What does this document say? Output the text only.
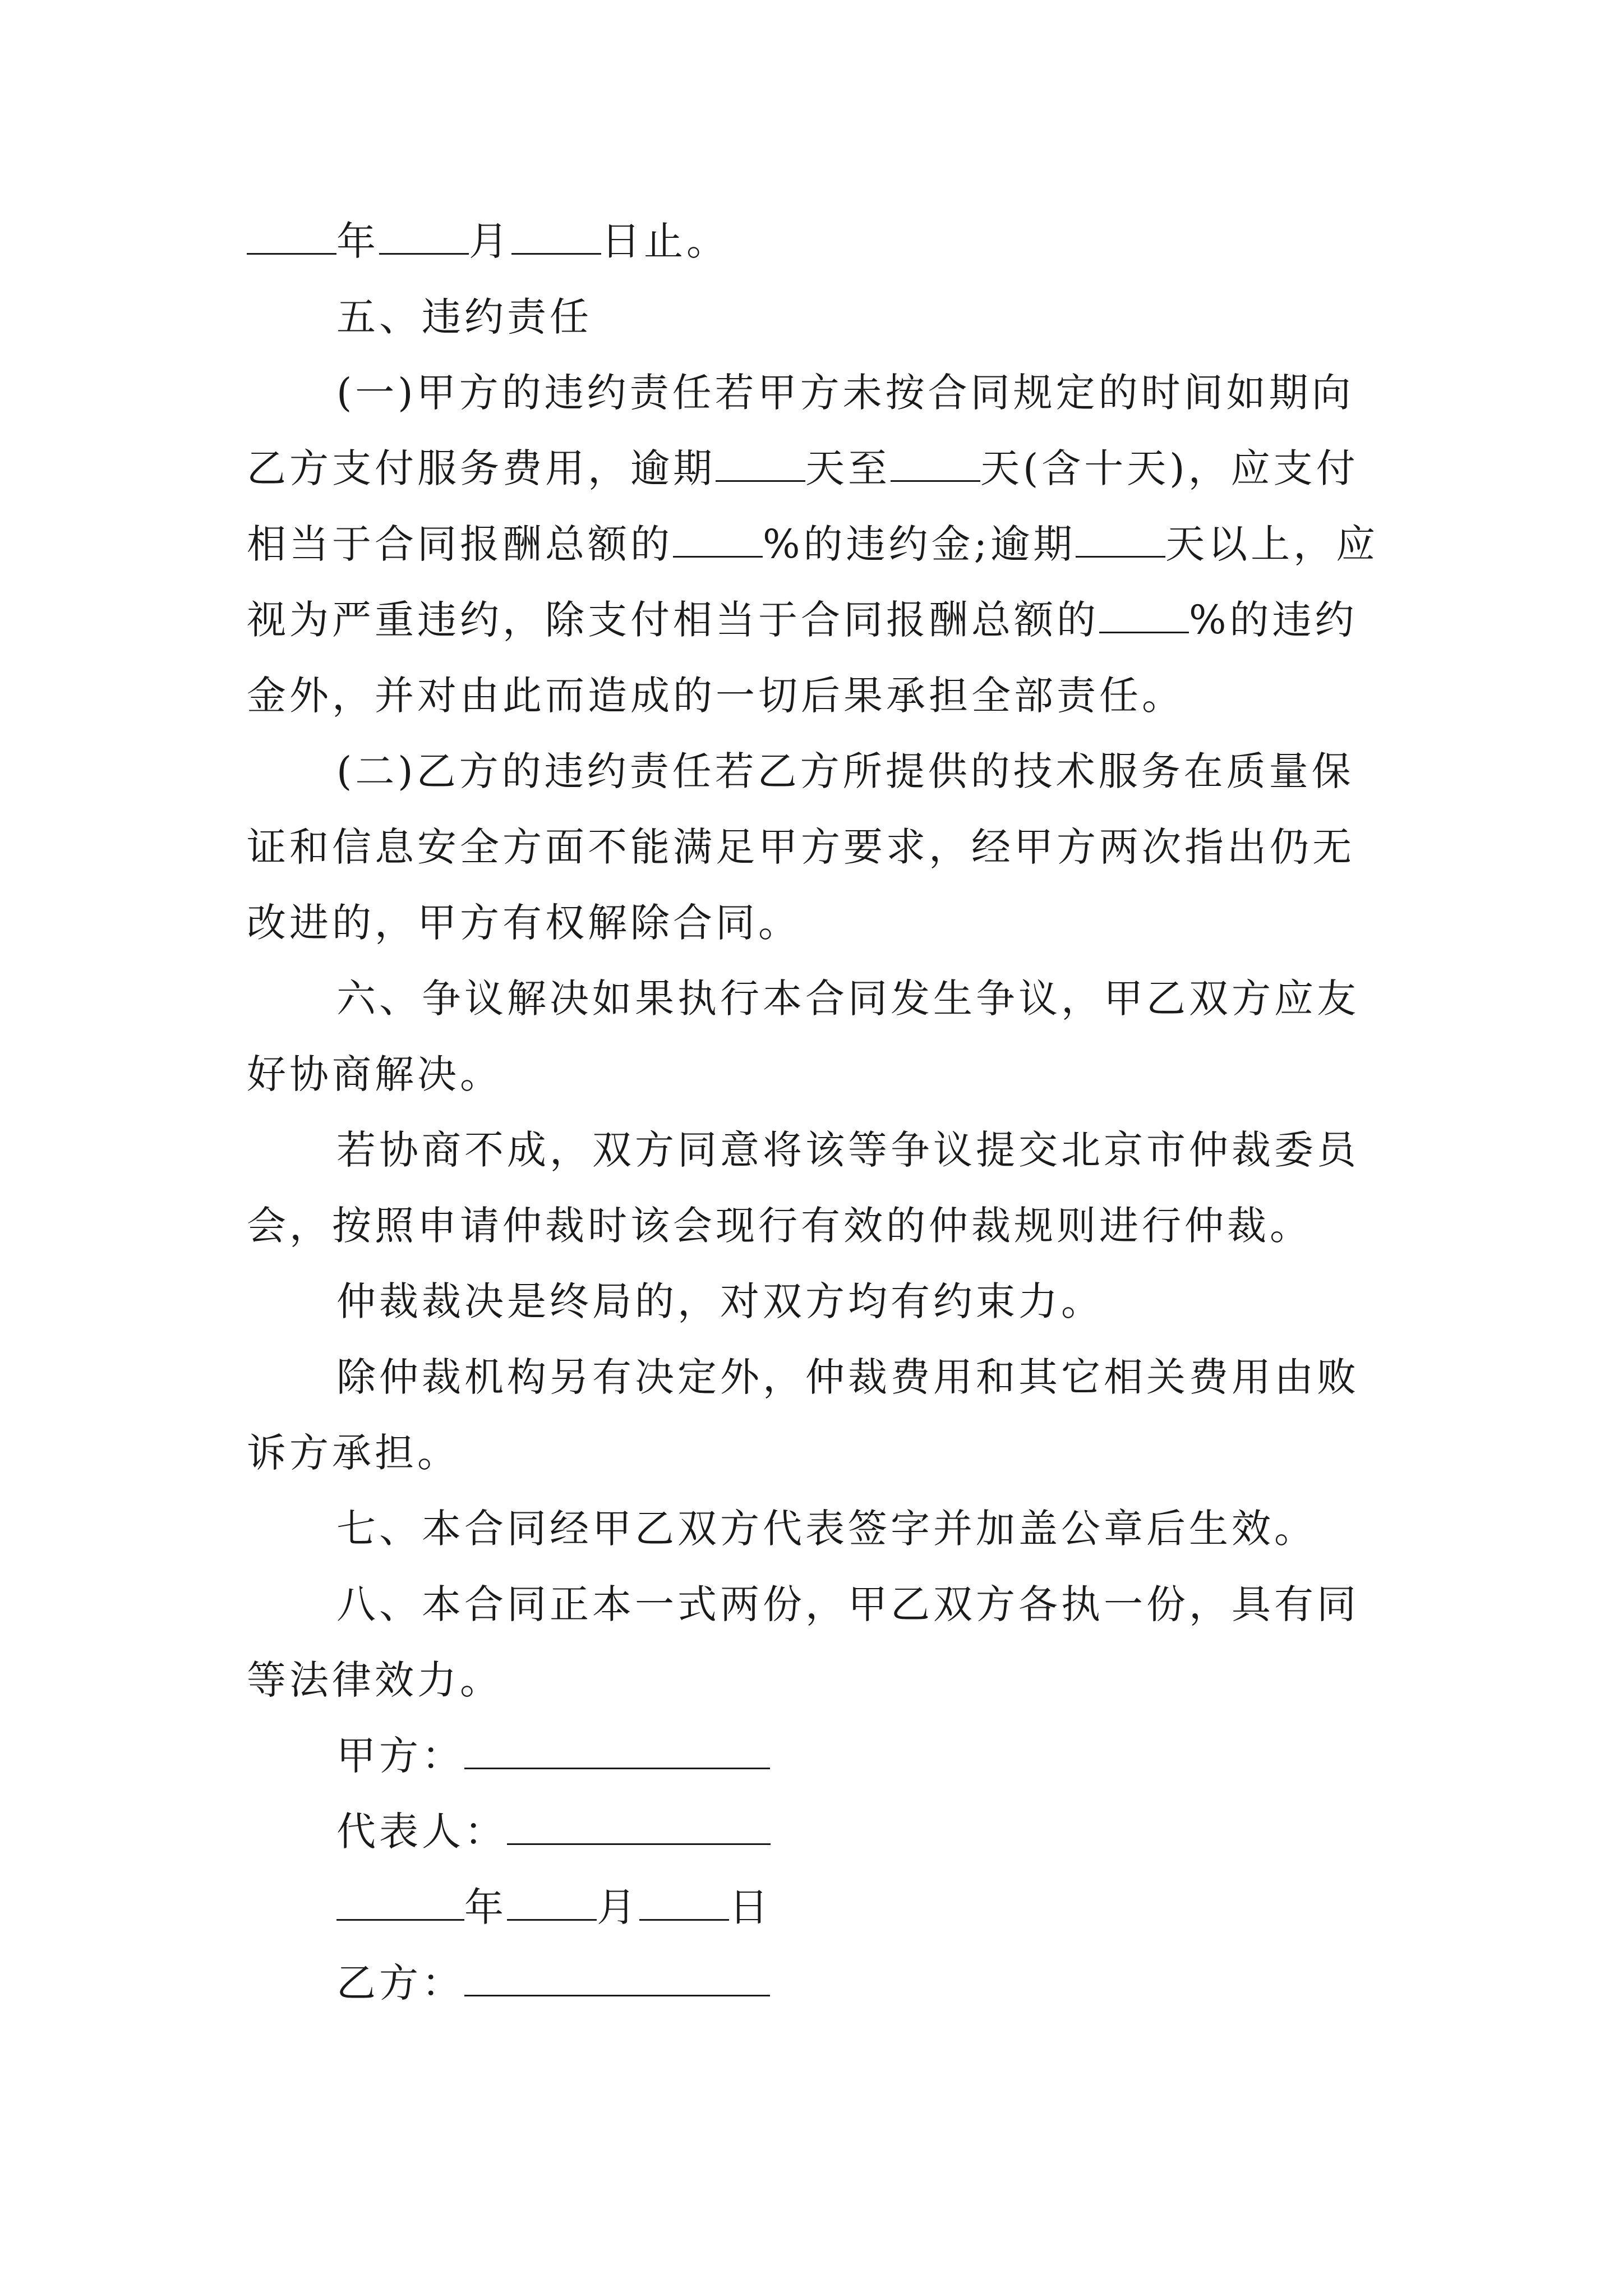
年 月 日止。
五、违约责任
(一)甲方的违约责任若甲方未按合同规定的时间如期向
乙方支付服务费用，逾期 天至 天(含十天)，应支付
相当于合同报酬总额的 %的违约金;逾期 天以上，应
视为严重违约，除支付相当于合同报酬总额的 %的违约
金外，并对由此而造成的一切后果承担全部责任。
(二)乙方的违约责任若乙方所提供的技术服务在质量保
证和信息安全方面不能满足甲方要求，经甲方两次指出仍无
改进的，甲方有权解除合同。
六、争议解决如果执行本合同发生争议，甲乙双方应友
好协商解决。
若协商不成，双方同意将该等争议提交北京市仲裁委员
会，按照申请仲裁时该会现行有效的仲裁规则进行仲裁。
仲裁裁决是终局的，对双方均有约束力。
除仲裁机构另有决定外，仲裁费用和其它相关费用由败
诉方承担。
七、本合同经甲乙双方代表签字并加盖公章后生效。
八、本合同正本一式两份，甲乙双方各执一份，具有同
等法律效力。
甲方：
代表人：
年 月 日
乙方：
